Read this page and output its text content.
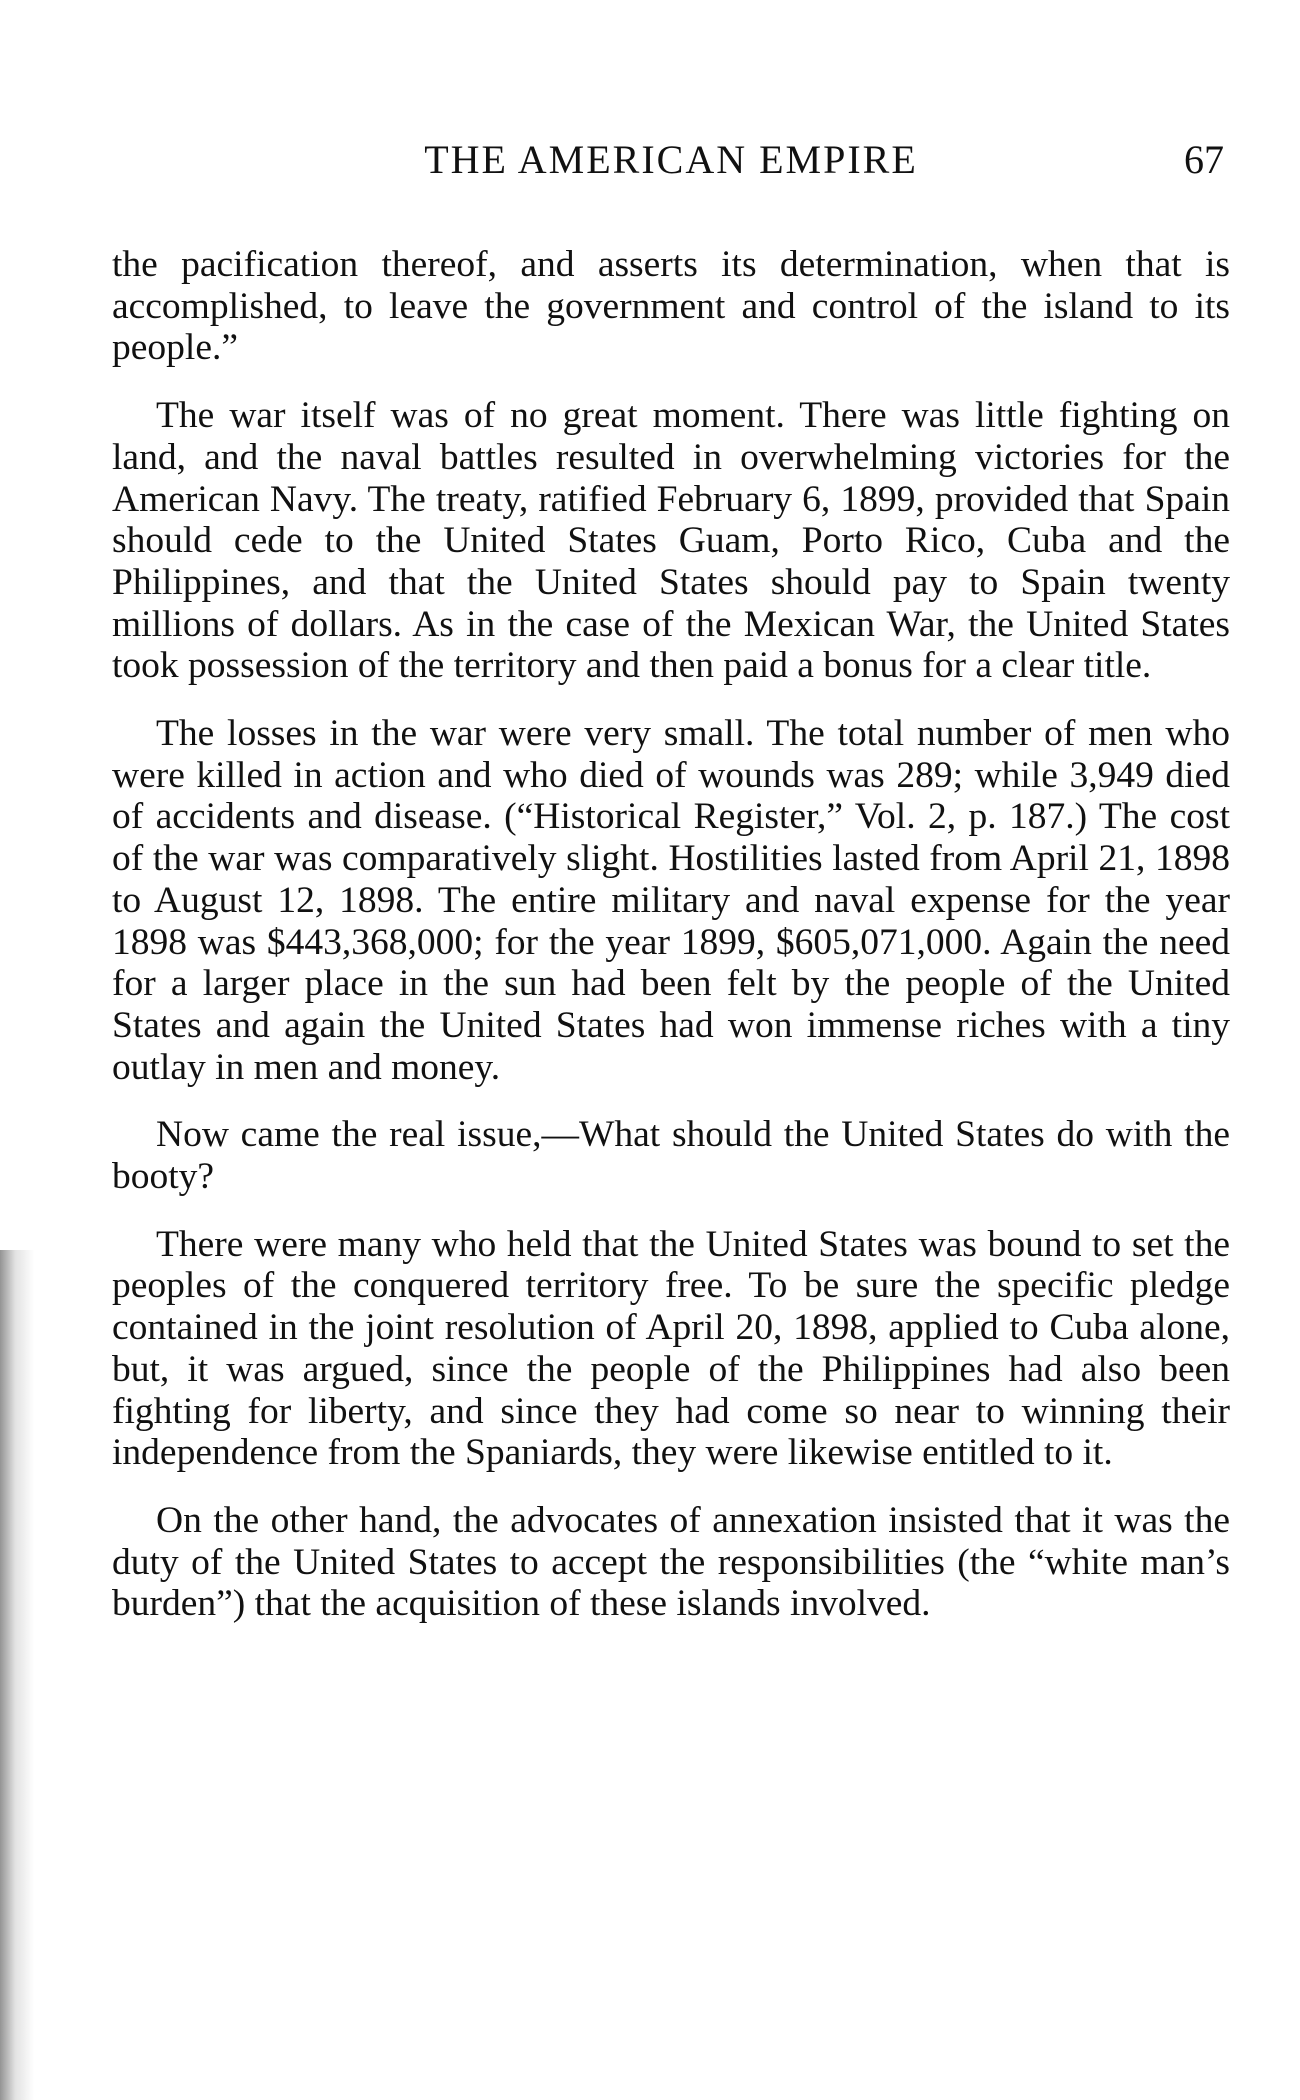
THE AMERICAN EMPIRE	67

the pacification thereof, and asserts its determination, when that is accomplished, to leave the government and control of the island to its people.”

The war itself was of no great moment. There was little fighting on land, and the naval battles resulted in overwhelming victories for the American Navy. The treaty, ratified February 6, 1899, provided that Spain should cede to the United States Guam, Porto Rico, Cuba and the Philippines, and that the United States should pay to Spain twenty millions of dollars. As in the case of the Mexican War, the United States took possession of the territory and then paid a bonus for a clear title.

The losses in the war were very small. The total number of men who were killed in action and who died of wounds was 289; while 3,949 died of accidents and disease. (“Historical Register,” Vol. 2, p. 187.) The cost of the war was comparatively slight. Hostilities lasted from April 21, 1898 to August 12, 1898. The entire military and naval expense for the year 1898 was $443,368,000; for the year 1899, $605,071,000. Again the need for a larger place in the sun had been felt by the people of the United States and again the United States had won immense riches with a tiny outlay in men and money.

Now came the real issue,—What should the United States do with the booty?

There were many who held that the United States was bound to set the peoples of the conquered territory free. To be sure the specific pledge contained in the joint resolution of April 20, 1898, applied to Cuba alone, but, it was argued, since the people of the Philippines had also been fighting for liberty, and since they had come so near to winning their independence from the Spaniards, they were likewise entitled to it.

On the other hand, the advocates of annexation insisted that it was the duty of the United States to accept the responsibilities (the “white man’s burden”) that the acquisition of these islands involved.
